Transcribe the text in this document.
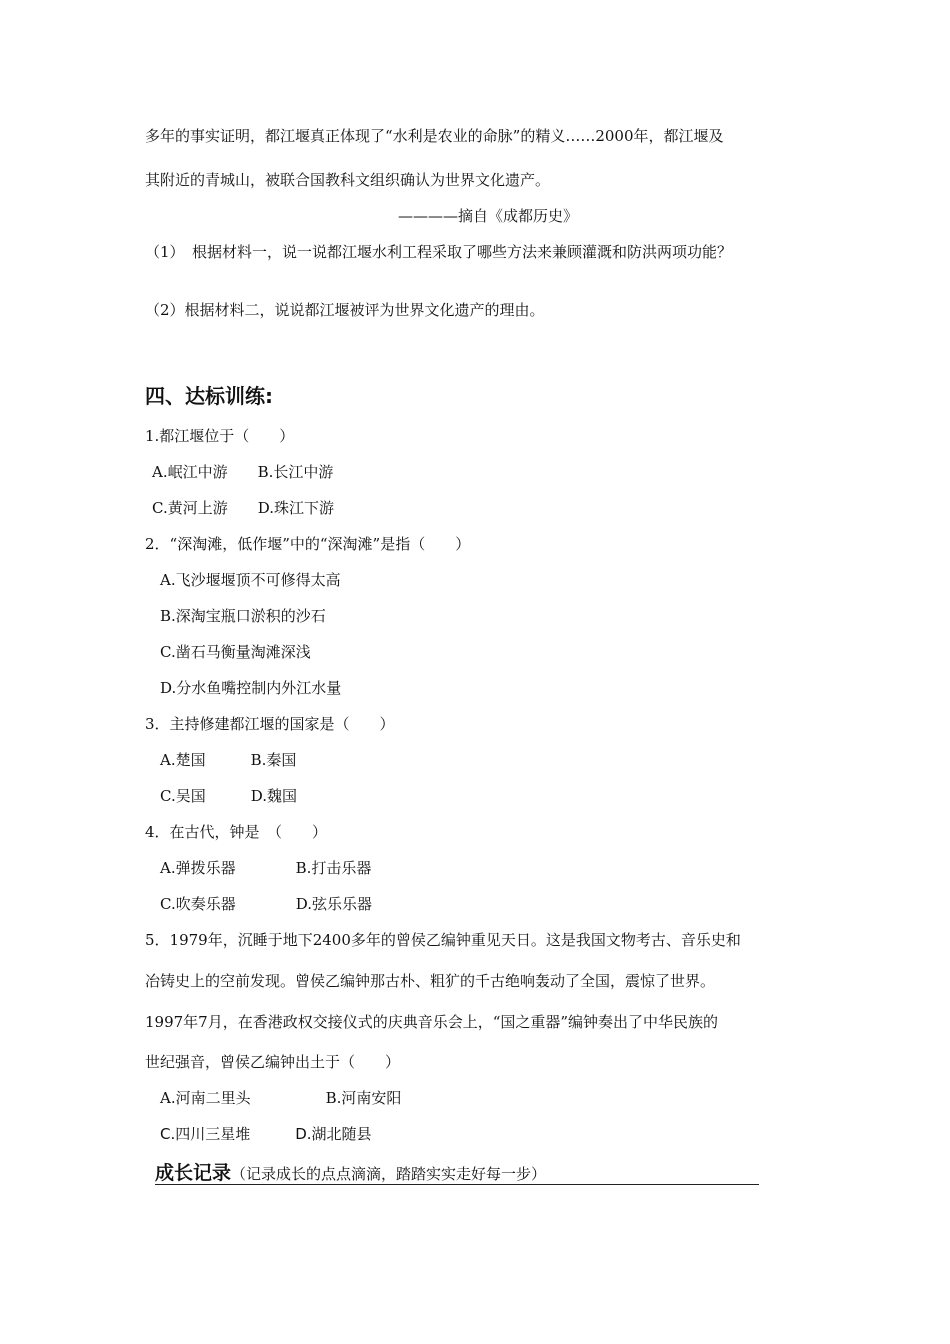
多年的事实证明，都江堰真正体现了“水利是农业的命脉”的精义……2000年，都江堰及
其附近的青城山，被联合国教科文组织确认为世界文化遗产。
————摘自《成都历史》
（1）　根据材料一，说一说都江堰水利工程采取了哪些方法来兼顾灌溉和防洪两项功能？
（2）根据材料二，说说都江堰被评为世界文化遗产的理由。
四、达标训练:
1.都江堰位于（　　）
A.岷江中游　　B.长江中游
C.黄河上游　　D.珠江下游
2．“深淘滩，低作堰”中的“深淘滩”是指（　　）
A.飞沙堰堰顶不可修得太高
B.深淘宝瓶口淤积的沙石
C.凿石马衡量淘滩深浅
D.分水鱼嘴控制内外江水量
3．主持修建都江堰的国家是（　　）
A.楚国　　　B.秦国
C.吴国　　　D.魏国
4．在古代，钟是　（　　）
A.弹拨乐器　　　　B.打击乐器
C.吹奏乐器　　　　D.弦乐乐器
5．1979年，沉睡于地下2400多年的曾侯乙编钟重见天日。这是我国文物考古、音乐史和
冶铸史上的空前发现。曾侯乙编钟那古朴、粗犷的千古绝响轰动了全国，震惊了世界。
1997年7月，在香港政权交接仪式的庆典音乐会上，“国之重器”编钟奏出了中华民族的
世纪强音，曾侯乙编钟出土于（　　）
A.河南二里头　　　　　B.河南安阳
C.四川三星堆　　　D.湖北随县
成长记录（记录成长的点点滴滴，踏踏实实走好每一步）
